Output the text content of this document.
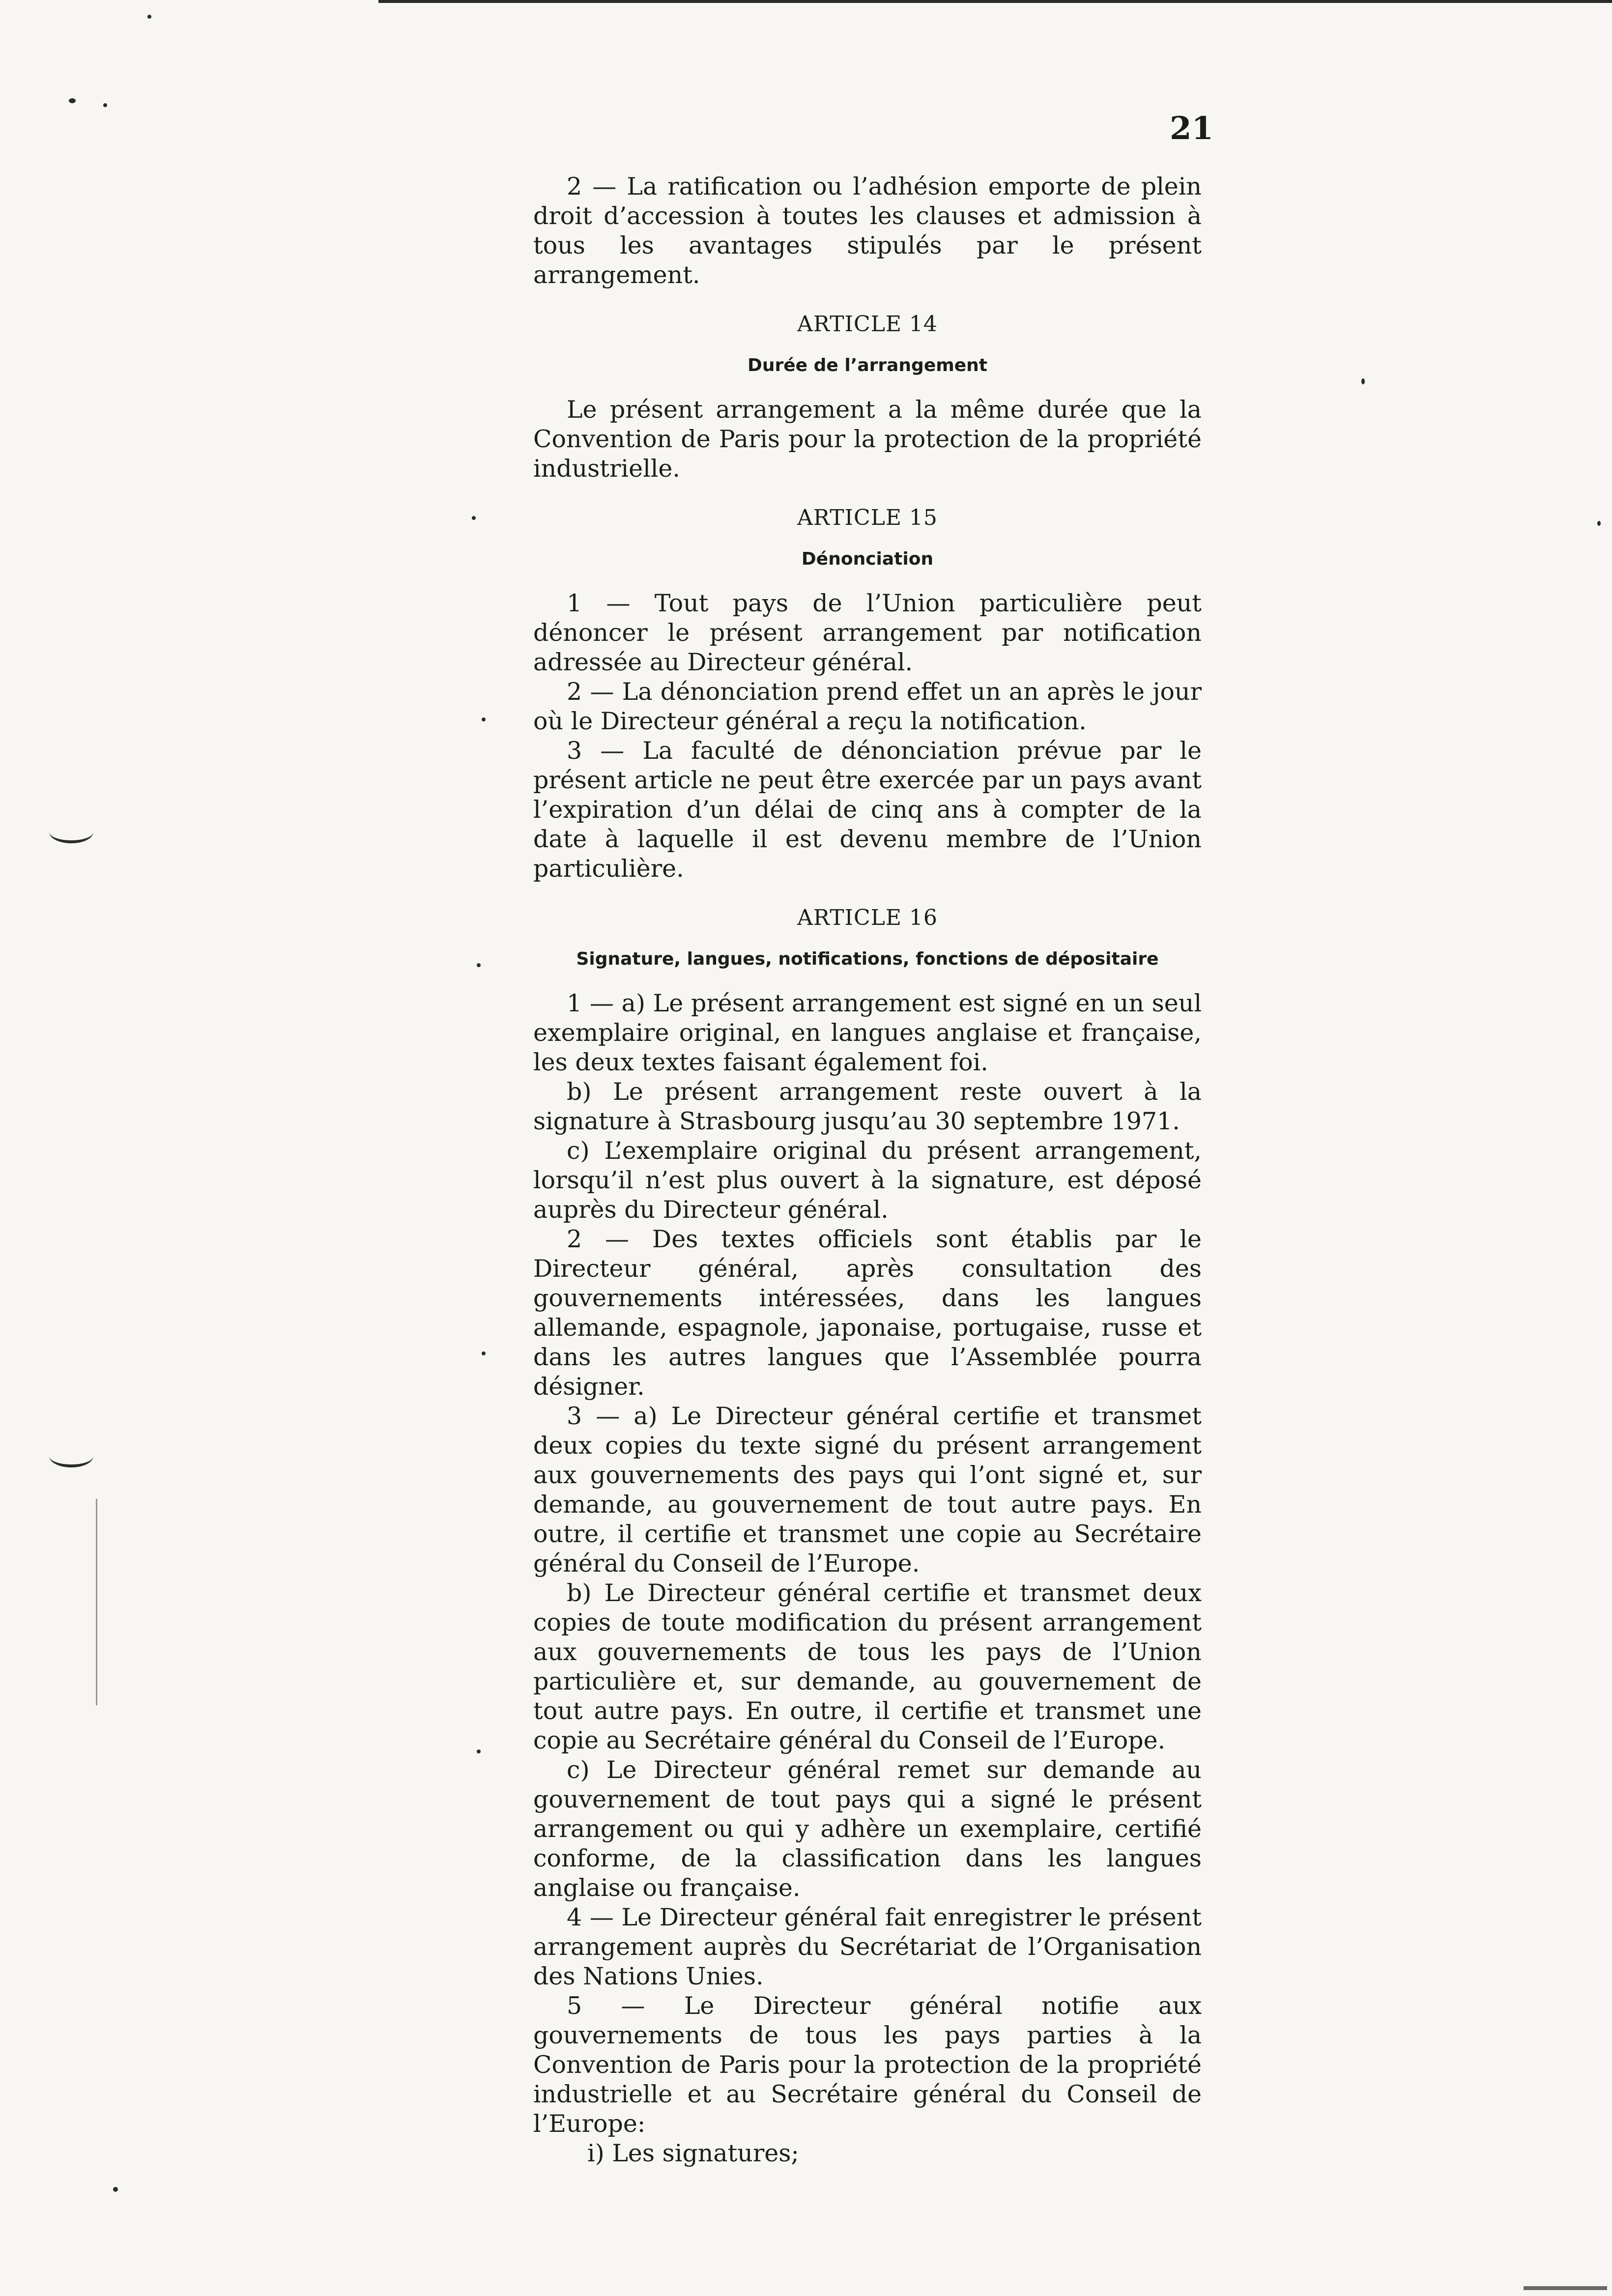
21

2 — La ratification ou l’adhésion emporte de plein droit d’accession à toutes les clauses et admission à tous les avantages stipulés par le présent arrangement.

ARTICLE 14

Durée de l’arrangement

Le présent arrangement a la même durée que la Convention de Paris pour la protection de la propriété industrielle.

ARTICLE 15

Dénonciation

1 — Tout pays de l’Union particulière peut dénoncer le présent arrangement par notification adressée au Directeur général.

2 — La dénonciation prend effet un an après le jour où le Directeur général a reçu la notification.

3 — La faculté de dénonciation prévue par le présent article ne peut être exercée par un pays avant l’expiration d’un délai de cinq ans à compter de la date à laquelle il est devenu membre de l’Union particulière.

ARTICLE 16

Signature, langues, notifications, fonctions de dépositaire

1 — a) Le présent arrangement est signé en un seul exemplaire original, en langues anglaise et française, les deux textes faisant également foi.

b) Le présent arrangement reste ouvert à la signature à Strasbourg jusqu’au 30 septembre 1971.

c) L’exemplaire original du présent arrangement, lorsqu’il n’est plus ouvert à la signature, est déposé auprès du Directeur général.

2 — Des textes officiels sont établis par le Directeur général, après consultation des gouvernements intéressées, dans les langues allemande, espagnole, japonaise, portugaise, russe et dans les autres langues que l’Assemblée pourra désigner.

3 — a) Le Directeur général certifie et transmet deux copies du texte signé du présent arrangement aux gouvernements des pays qui l’ont signé et, sur demande, au gouvernement de tout autre pays. En outre, il certifie et transmet une copie au Secrétaire général du Conseil de l’Europe.

b) Le Directeur général certifie et transmet deux copies de toute modification du présent arrangement aux gouvernements de tous les pays de l’Union particulière et, sur demande, au gouvernement de tout autre pays. En outre, il certifie et transmet une copie au Secrétaire général du Conseil de l’Europe.

c) Le Directeur général remet sur demande au gouvernement de tout pays qui a signé le présent arrangement ou qui y adhère un exemplaire, certifié conforme, de la classification dans les langues anglaise ou française.

4 — Le Directeur général fait enregistrer le présent arrangement auprès du Secrétariat de l’Organisation des Nations Unies.

5 — Le Directeur général notifie aux gouvernements de tous les pays parties à la Convention de Paris pour la protection de la propriété industrielle et au Secrétaire général du Conseil de l’Europe:

i) Les signatures;
